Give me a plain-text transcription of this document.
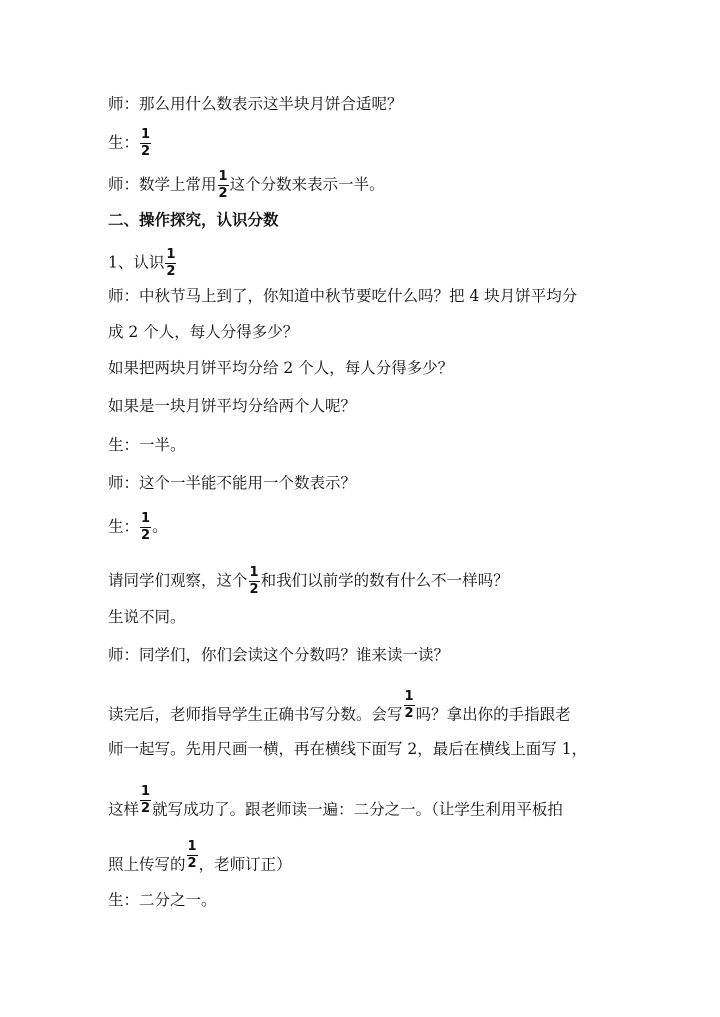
师：那么用什么数表示这半块月饼合适呢？
生： $\frac{1}{2}$
师：数学上常用 $\frac{1}{2}$ 这个分数来表示一半。
二、操作探究，认识分数
1、认识 $\frac{1}{2}$
师：中秋节马上到了，你知道中秋节要吃什么吗？把 4 块月饼平均分
成 2 个人，每人分得多少？
如果把两块月饼平均分给 2 个人，每人分得多少？
如果是一块月饼平均分给两个人呢？
生：一半。
师：这个一半能不能用一个数表示？
生： $\frac{1}{2}$ 。
请同学们观察，这个 $\frac{1}{2}$ 和我们以前学的数有什么不一样吗？
生说不同。
师：同学们，你们会读这个分数吗？谁来读一读？
读完后，老师指导学生正确书写分数。会写 $\frac{1}{2}$ 吗？拿出你的手指跟老
师一起写。先用尺画一横，再在横线下面写 2，最后在横线上面写 1，
这样 $\frac{1}{2}$ 就写成功了。跟老师读一遍：二分之一。（让学生利用平板拍
照上传写的 $\frac{1}{2}$ ，老师订正）
生：二分之一。
